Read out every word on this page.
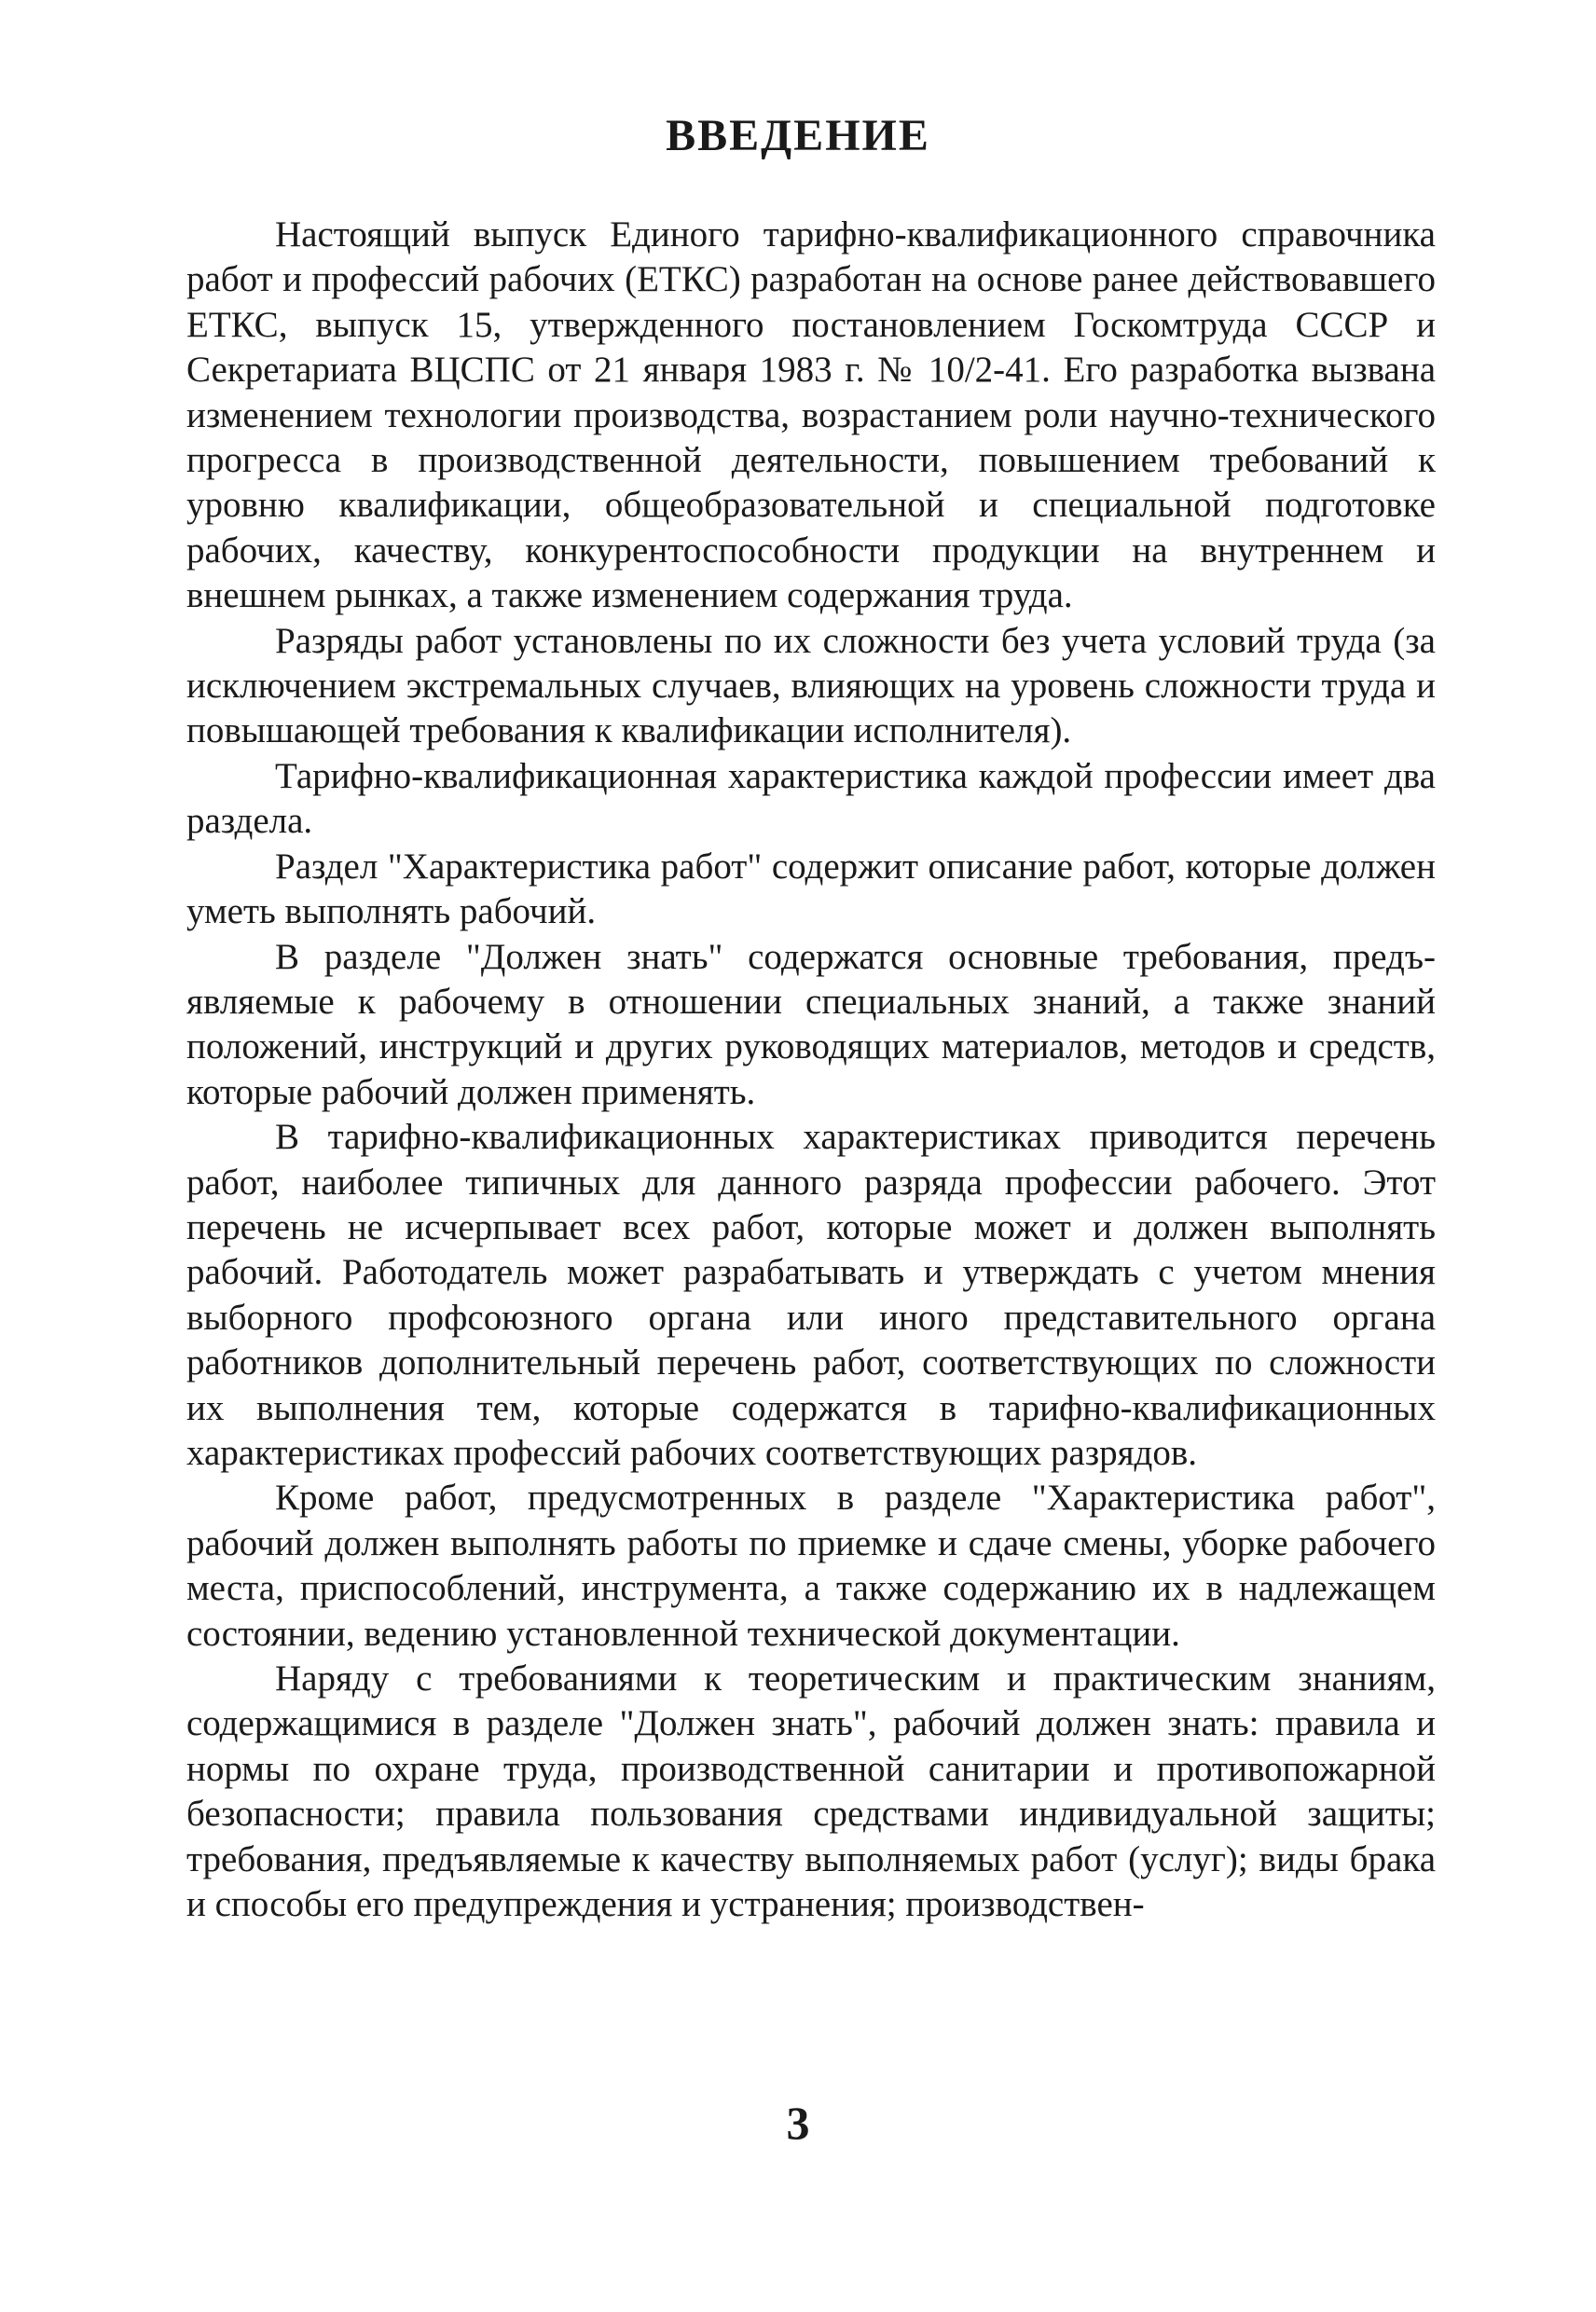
ВВЕДЕНИЕ

Настоящий выпуск Единого тарифно-квалификационного справочника работ и профессий рабочих (ЕТКС) разработан на основе ранее действовавшего ЕТКС, выпуск 15, утвержденного постановлением Госкомтруда СССР и Секретариата ВЦСПС от 21 января 1983 г. № 10/2-41. Его разработка вызвана изменением технологии производства, возрастанием роли научно-технического прогресса в производственной деятельности, повышением требований к уровню квалификации, общеобразовательной и специальной подготовке рабочих, качеству, конкурентоспособности продукции на внутреннем и внешнем рынках, а также изменением содержания труда.

Разряды работ установлены по их сложности без учета условий труда (за исключением экстремальных случаев, влияющих на уровень сложности труда и повышающей требования к квалификации исполнителя).

Тарифно-квалификационная характеристика каждой профессии имеет два раздела.

Раздел "Характеристика работ" содержит описание работ, которые должен уметь выполнять рабочий.

В разделе "Должен знать" содержатся основные требования, предъявляемые к рабочему в отношении специальных знаний, а также знаний положений, инструкций и других руководящих материалов, методов и средств, которые рабочий должен применять.

В тарифно-квалификационных характеристиках приводится перечень работ, наиболее типичных для данного разряда профессии рабочего. Этот перечень не исчерпывает всех работ, которые может и должен выполнять рабочий. Работодатель может разрабатывать и утверждать с учетом мнения выборного профсоюзного органа или иного представительного органа работников дополнительный перечень работ, соответствующих по сложности их выполнения тем, которые содержатся в тарифно-квалификационных характеристиках профессий рабочих соответствующих разрядов.

Кроме работ, предусмотренных в разделе "Характеристика работ", рабочий должен выполнять работы по приемке и сдаче смены, уборке рабочего места, приспособлений, инструмента, а также содержанию их в надлежащем состоянии, ведению установленной технической документации.

Наряду с требованиями к теоретическим и практическим знаниям, содержащимися в разделе "Должен знать", рабочий должен знать: правила и нормы по охране труда, производственной санитарии и противопожарной безопасности; правила пользования средствами индивидуальной защиты; требования, предъявляемые к качеству выполняемых работ (услуг); виды брака и способы его предупреждения и устранения; производствен-

3
